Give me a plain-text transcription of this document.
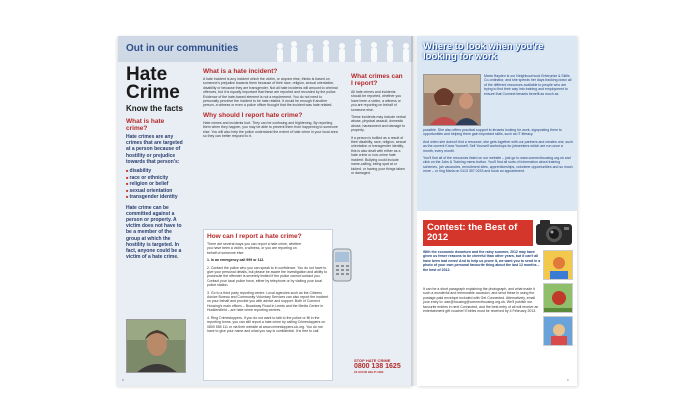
Out in our communities
Hate Crime
Know the facts
What is hate crime?
Hate crimes are any crimes that are targeted at a person because of hostility or prejudice towards that person's:
■ disability
■ race or ethnicity
■ religion or belief
■ sexual orientation
■ transgender identity
Hate crime can be committed against a person or property. A victim does not have to be a member of the group at which the hostility is targeted. In fact, anyone could be a victim of a hate crime.
What is a hate incident?
A hate incident is any incident which the victim, or anyone else, thinks is based on someone's prejudice towards them because of their race, religion, sexual orientation, disability or because they are transgender. Not all hate incidents will amount to criminal offences, but it is equally important that these are reported and recorded by the police. Evidence of the hate-based element is not a requirement. You do not need to personally perceive the incident to be hate related. It would be enough if another person, a witness or even a police officer thought that the incident was hate related.
Why should I report hate crime?
Hate crimes and incidents hurt. They can be confusing and frightening. By reporting them when they happen, you may be able to prevent them from happening to someone else. You will also help the police understand the extent of hate crime in your local area so they can better respond to it.
How can I report a hate crime?
There are several ways you can report a hate crime, whether you have been a victim, a witness, or you are reporting on behalf of someone else:
1. In an emergency call 999 or 112.
2. Contact the police who you can speak to in confidence. You do not have to give your personal details, but please be aware the investigation and ability to prosecute the offender is severely limited if the police cannot contact you. Contact your local police force, either by telephone or by visiting your local police station.
3. Go to a third party reporting centre. Local agencies such as the Citizens Advice Bureau and Community Voluntary Services can also report the incident on your behalf and provide you with advice and support. Both of Connect Housing's main offices – Broadway Road in Leeds and the Media Centre in Huddersfield – are hate crime reporting centres.
4. Ring Crimestoppers. If you do not want to talk to the police or fill in the reporting forms, you can still report a hate crime by calling Crimestoppers on 0800 555 111 or via their website at www.crimestoppers-uk.org. You do not have to give your name and what you say is confidential. It is free to call.
What crimes can I report?
All hate crimes and incidents should be reported, whether you have been a victim, a witness or you are reporting on behalf of someone else.
These incidents may include verbal abuse, physical assault, domestic abuse, harassment and damage to property.
If a person is bullied as a result of their disability, race, religion, sexual orientation or transgender identity, this is also dealt with either as a hate crime or non-crime hate incident. Bullying could include name-calling, being spat at or kicked, or having your things taken or damaged.
STOP HATE CRIME
0800 138 1625
24 HOUR HELP LINE
8
Where to look when you're looking for work
Maria Hayden is our Neighbourhood Enterprise & Skills Co-ordinator, and she spends her days tracking down all of the different resources available to people who are trying to find their way into training and employment to ensure that Connect tenants benefit as much as

possible. She also offers practical support to tenants looking for work, signposting them to opportunities and helping them gain important skills, such as IT literacy.

And when she doesn't find a resource, she gets together with our partners and creates one, such as the current Know Yourself, Sell Yourself workshops for jobseekers which are run once a month, every month.

You'll find all of the resources listed on our website – just go to www.connecthousing.org.uk and click on the Jobs & Training menu button. You'll find all sorts of information about training schemes, job vacancies, recruitment sites, apprenticeships, volunteer opportunities and so much more – or ring Maria on 0113 397 0233 and book an appointment.

Contest: the Best of 2012
With the economic downturn and the rainy summer, 2012 may have given us fewer reasons to be cheerful than other years, but it can't all have been bad news! And to help us prove it, we want you to send in a photo of your own personal favourite thing about the last 12 months – the best of 2012.
It can be a short paragraph explaining the photograph, and what made it such a wonderful and memorable occasion, and send these in using the postage-paid envelope included with Get Connected. Alternatively, email your entry to: dan@housing@connecthousing.org.uk. We'll publish our favourite entries in next Connected, and the best entry of all will receive an entertainment gift voucher! Entries must be received by 4 February 2013.
9
